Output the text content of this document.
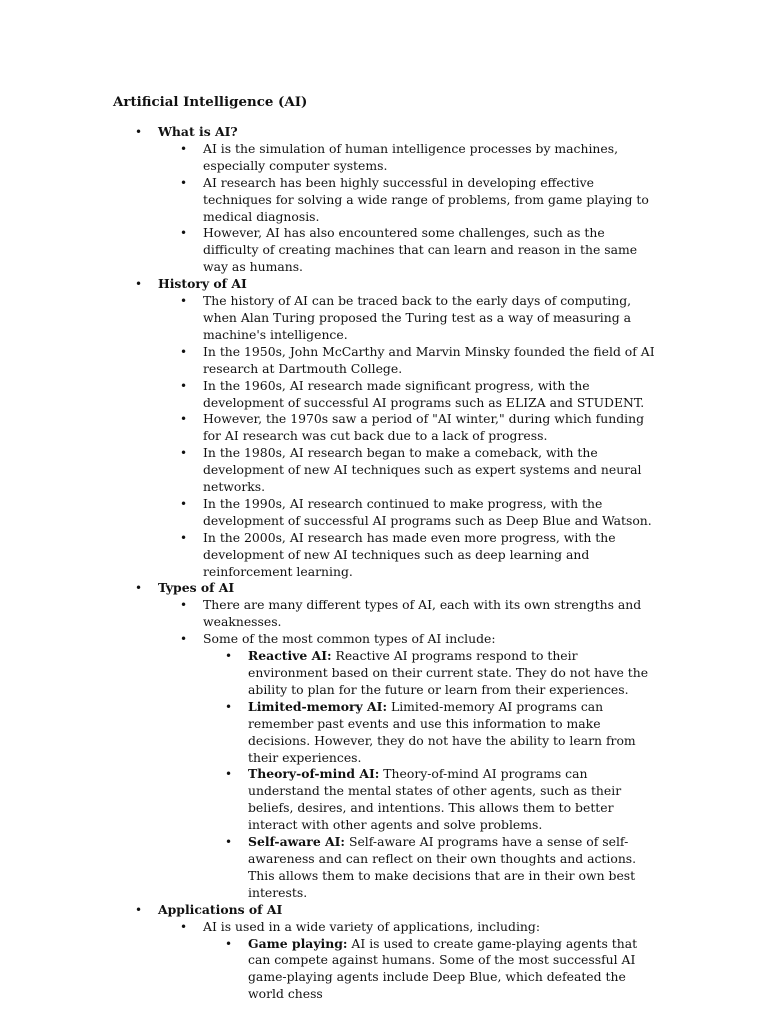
Artificial Intelligence (AI)
• What is AI?
• AI is the simulation of human intelligence processes by machines, especially computer systems.
• AI research has been highly successful in developing effective techniques for solving a wide range of problems, from game playing to medical diagnosis.
• However, AI has also encountered some challenges, such as the difficulty of creating machines that can learn and reason in the same way as humans.
• History of AI
• The history of AI can be traced back to the early days of computing, when Alan Turing proposed the Turing test as a way of measuring a machine's intelligence.
• In the 1950s, John McCarthy and Marvin Minsky founded the field of AI research at Dartmouth College.
• In the 1960s, AI research made significant progress, with the development of successful AI programs such as ELIZA and STUDENT.
• However, the 1970s saw a period of "AI winter," during which funding for AI research was cut back due to a lack of progress.
• In the 1980s, AI research began to make a comeback, with the development of new AI techniques such as expert systems and neural networks.
• In the 1990s, AI research continued to make progress, with the development of successful AI programs such as Deep Blue and Watson.
• In the 2000s, AI research has made even more progress, with the development of new AI techniques such as deep learning and reinforcement learning.
• Types of AI
• There are many different types of AI, each with its own strengths and weaknesses.
• Some of the most common types of AI include:
• Reactive AI: Reactive AI programs respond to their environment based on their current state. They do not have the ability to plan for the future or learn from their experiences.
• Limited-memory AI: Limited-memory AI programs can remember past events and use this information to make decisions. However, they do not have the ability to learn from their experiences.
• Theory-of-mind AI: Theory-of-mind AI programs can understand the mental states of other agents, such as their beliefs, desires, and intentions. This allows them to better interact with other agents and solve problems.
• Self-aware AI: Self-aware AI programs have a sense of self-awareness and can reflect on their own thoughts and actions. This allows them to make decisions that are in their own best interests.
• Applications of AI
• AI is used in a wide variety of applications, including:
• Game playing: AI is used to create game-playing agents that can compete against humans. Some of the most successful AI game-playing agents include Deep Blue, which defeated the world chess
